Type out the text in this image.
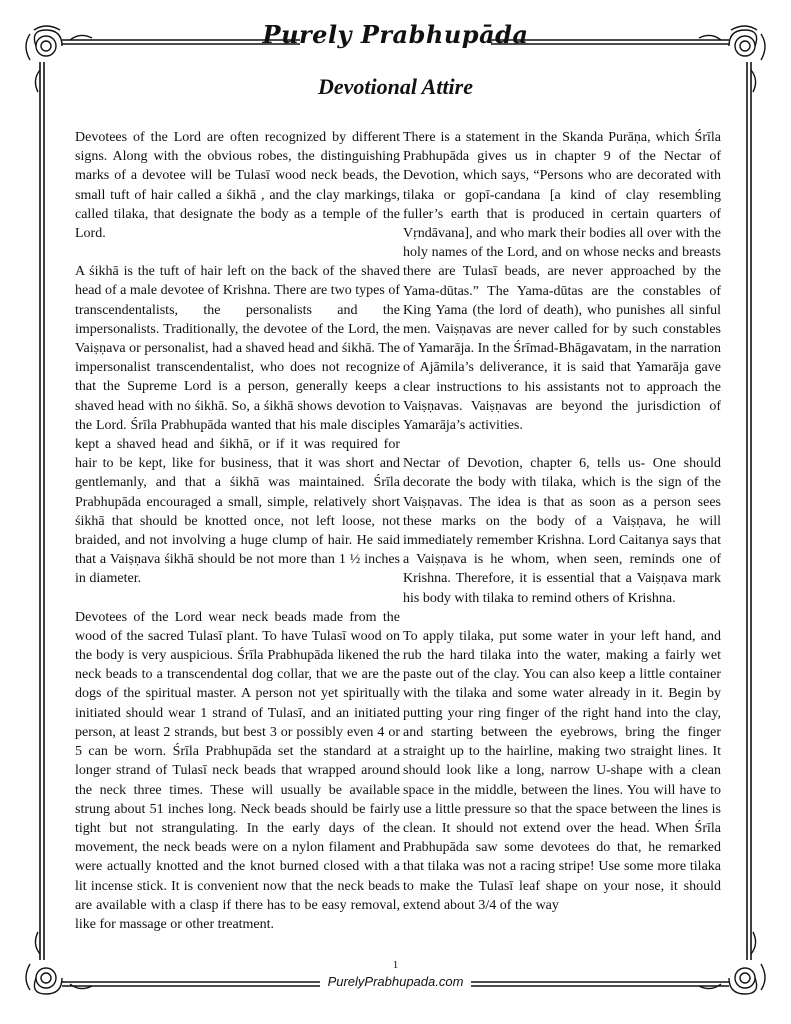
Purely Prabhupāda
Devotional Attire

Devotees of the Lord are often recognized by different signs. Along with the obvious robes, the distinguishing marks of a devotee will be Tulasī wood neck beads, the small tuft of hair called a śikhā , and the clay markings, called tilaka, that designate the body as a temple of the Lord.

A śikhā is the tuft of hair left on the back of the shaved head of a male devotee of Krishna. There are two types of transcendentalists, the personalists and the impersonalists. Traditionally, the devotee of the Lord, the Vaiṣṇava or personalist, had a shaved head and śikhā. The impersonalist transcendentalist, who does not recognize that the Supreme Lord is a person, generally keeps a shaved head with no śikhā. So, a śikhā shows devotion to the Lord. Śrīla Prabhupāda wanted that his male disciples kept a shaved head and śikhā, or if it was required for hair to be kept, like for business, that it was short and gentlemanly, and that a śikhā was maintained. Śrīla Prabhupāda encouraged a small, simple, relatively short śikhā that should be knotted once, not left loose, not braided, and not involving a huge clump of hair. He said that a Vaiṣṇava śikhā should be not more than 1 ½ inches in diameter.

Devotees of the Lord wear neck beads made from the wood of the sacred Tulasī plant. To have Tulasī wood on the body is very auspicious. Śrīla Prabhupāda likened the neck beads to a transcendental dog collar, that we are the dogs of the spiritual master. A person not yet spiritually initiated should wear 1 strand of Tulasī, and an initiated person, at least 2 strands, but best 3 or possibly even 4 or 5 can be worn. Śrīla Prabhupāda set the standard at a longer strand of Tulasī neck beads that wrapped around the neck three times. These will usually be available strung about 51 inches long. Neck beads should be fairly tight but not strangulating. In the early days of the movement, the neck beads were on a nylon filament and were actually knotted and the knot burned closed with a lit incense stick. It is convenient now that the neck beads are available with a clasp if there has to be easy removal, like for massage or other treatment.

There is a statement in the Skanda Purāṇa, which Śrīla Prabhupāda gives us in chapter 9 of the Nectar of Devotion, which says, “Persons who are decorated with tilaka or gopī-candana [a kind of clay resembling fuller’s earth that is produced in certain quarters of Vṛndāvana], and who mark their bodies all over with the holy names of the Lord, and on whose necks and breasts there are Tulasī beads, are never approached by the Yama-dūtas.” The Yama-dūtas are the constables of King Yama (the lord of death), who punishes all sinful men. Vaiṣṇavas are never called for by such constables of Yamarāja. In the Śrīmad-Bhāgavatam, in the narration of Ajāmila’s deliverance, it is said that Yamarāja gave clear instructions to his assistants not to approach the Vaiṣṇavas. Vaiṣṇavas are beyond the jurisdiction of Yamarāja’s activities.

Nectar of Devotion, chapter 6, tells us- One should decorate the body with tilaka, which is the sign of the Vaiṣṇavas. The idea is that as soon as a person sees these marks on the body of a Vaiṣṇava, he will immediately remember Krishna. Lord Caitanya says that a Vaiṣṇava is he whom, when seen, reminds one of Krishna. Therefore, it is essential that a Vaiṣṇava mark his body with tilaka to remind others of Krishna.

To apply tilaka, put some water in your left hand, and rub the hard tilaka into the water, making a fairly wet paste out of the clay. You can also keep a little container with the tilaka and some water already in it. Begin by putting your ring finger of the right hand into the clay, and starting between the eyebrows, bring the finger straight up to the hairline, making two straight lines. It should look like a long, narrow U-shape with a clean space in the middle, between the lines. You will have to use a little pressure so that the space between the lines is clean. It should not extend over the head. When Śrīla Prabhupāda saw some devotees do that, he remarked that tilaka was not a racing stripe! Use some more tilaka to make the Tulasī leaf shape on your nose, it should extend about 3/4 of the way

1
PurelyPrabhupada.com
